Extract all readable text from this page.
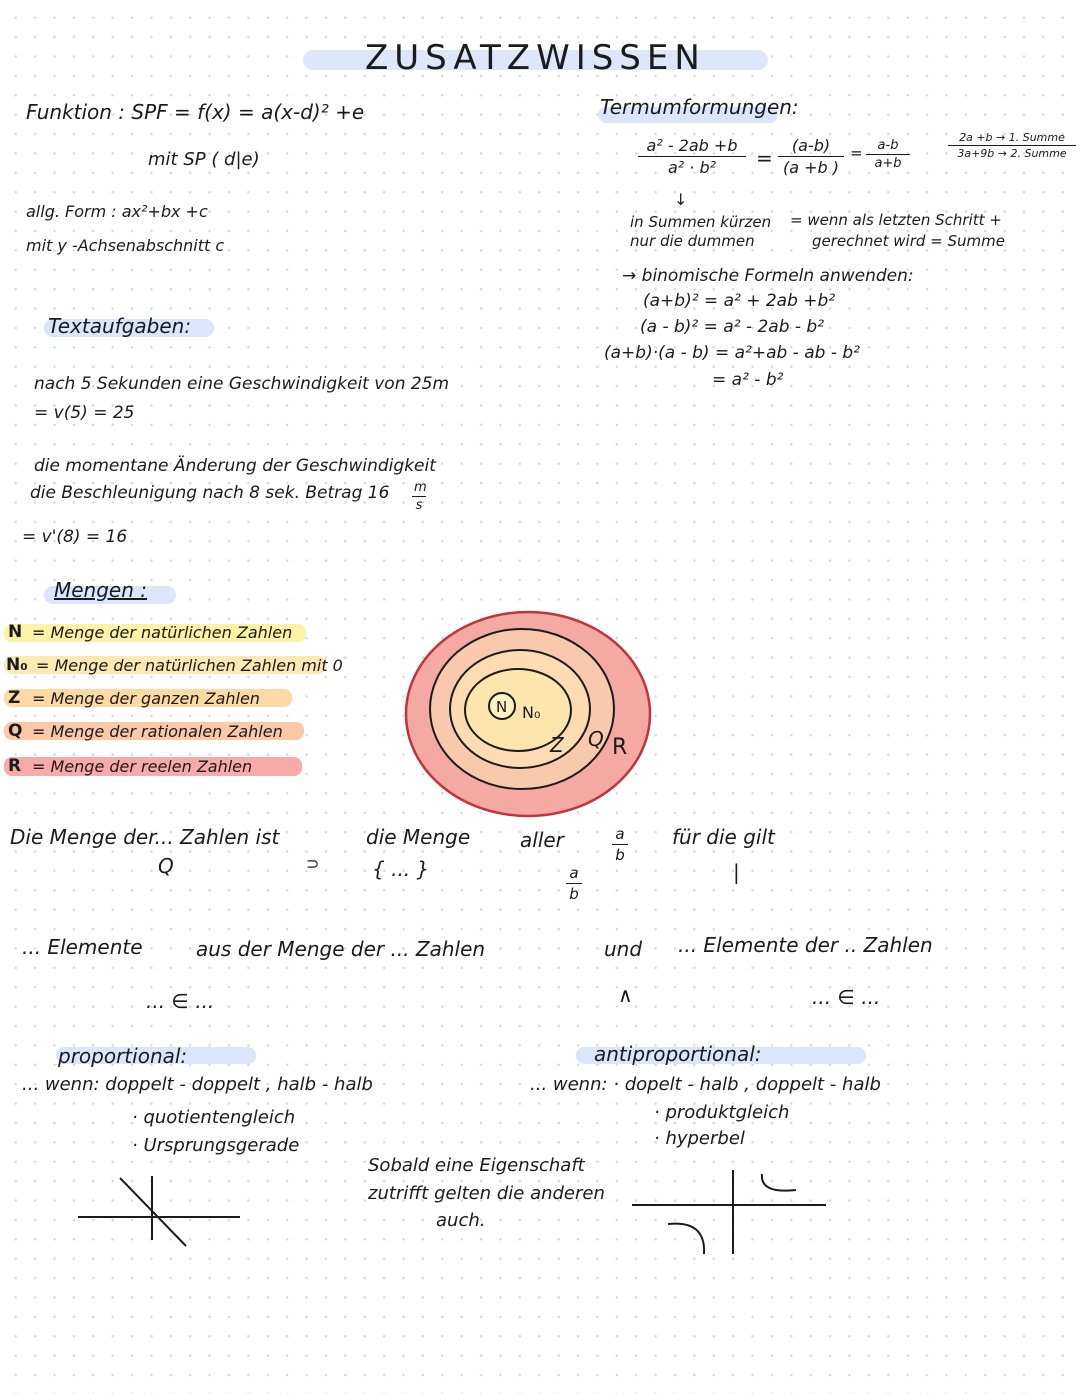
ZUSATZWISSEN
Funktion : SPF = f(x) = a(x-d)² +e
mit SP ( d|e)
allg. Form : ax²+bx +c
mit y -Achsenabschnitt c
Termumformungen:
$\frac{\text{a² - 2ab +b}}{\text{a² · b²}} = \frac{(a-b)}{(a +b )} = \frac{a-b}{a+b}$
2a +b → 1. Summe
3a+9b → 2. Summe
↓
in Summen kürzen
nur die dummen
= wenn als letzten Schritt +
gerechnet wird = Summe
→ binomische Formeln anwenden:
(a+b)² = a² + 2ab +b²
(a - b)² = a² - 2ab - b²
(a+b)·(a - b) = a²+ab - ab - b²
= a² - b²
Textaufgaben:
nach 5 Sekunden eine Geschwindigkeit von 25m
= v(5) = 25
die momentane Änderung der Geschwindigkeit
die Beschleunigung nach 8 sek. Betrag $16 \frac{m}{s}$
= v'(8) = 16
Mengen :
N = Menge der natürlichen Zahlen
N₀ = Menge der natürlichen Zahlen mit 0
Z = Menge der ganzen Zahlen
Q = Menge der rationalen Zahlen
R = Menge der reelen Zahlen
N N₀
Z Q R
Die Menge der... Zahlen ist
Q	⊃
die Menge
{ ... }
aller	$\frac{a}{b}$
$\frac{a}{b}$
für die gilt
|
... Elemente	aus der Menge der ... Zahlen	und ... Elemente der .. Zahlen
... ∈ ...	∧	... ∈ ...
proportional:
... wenn: doppelt - doppelt , halb - halb
· quotientengleich
· Ursprungsgerade
Sobald eine Eigenschaft
zutrifft gelten die anderen
auch.
antiproportional:
... wenn: · dopelt - halb , doppelt - halb
· produktgleich
· hyperbel
